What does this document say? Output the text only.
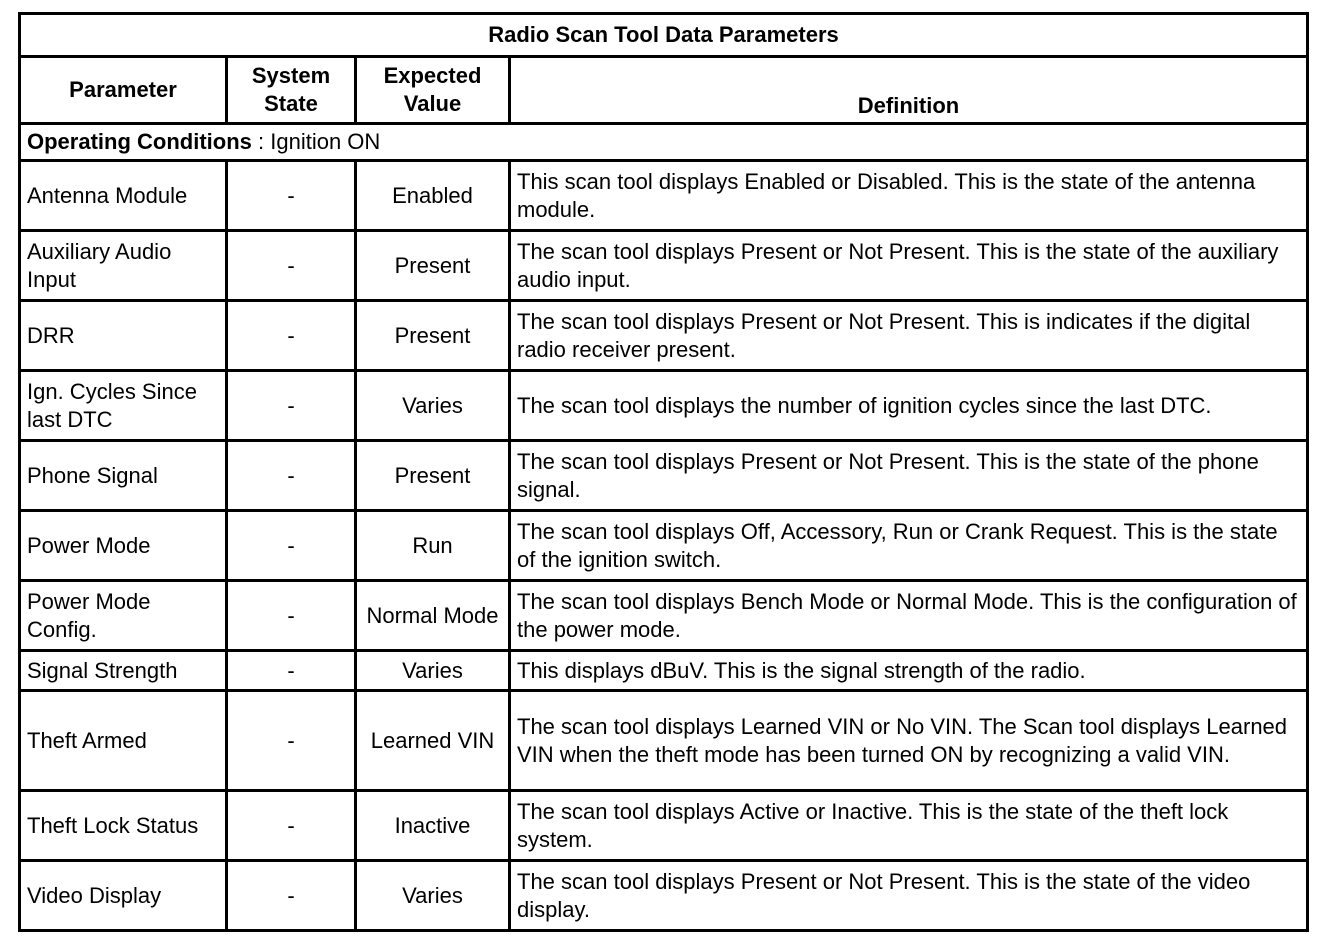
Radio Scan Tool Data Parameters			
Parameter	System State	Expected Value	Definition
Operating Conditions : Ignition ON			
Antenna Module	-	Enabled	This scan tool displays Enabled or Disabled. This is the state of the antenna module.
Auxiliary Audio Input	-	Present	The scan tool displays Present or Not Present. This is the state of the auxiliary audio input.
DRR	-	Present	The scan tool displays Present or Not Present. This is indicates if the digital radio receiver present.
Ign. Cycles Since last DTC	-	Varies	The scan tool displays the number of ignition cycles since the last DTC.
Phone Signal	-	Present	The scan tool displays Present or Not Present. This is the state of the phone signal.
Power Mode	-	Run	The scan tool displays Off, Accessory, Run or Crank Request. This is the state of the ignition switch.
Power Mode Config.	-	Normal Mode	The scan tool displays Bench Mode or Normal Mode. This is the configuration of the power mode.
Signal Strength	-	Varies	This displays dBuV. This is the signal strength of the radio.
Theft Armed	-	Learned VIN	The scan tool displays Learned VIN or No VIN. The Scan tool displays Learned VIN when the theft mode has been turned ON by recognizing a valid VIN.
Theft Lock Status	-	Inactive	The scan tool displays Active or Inactive. This is the state of the theft lock system.
Video Display	-	Varies	The scan tool displays Present or Not Present. This is the state of the video display.
